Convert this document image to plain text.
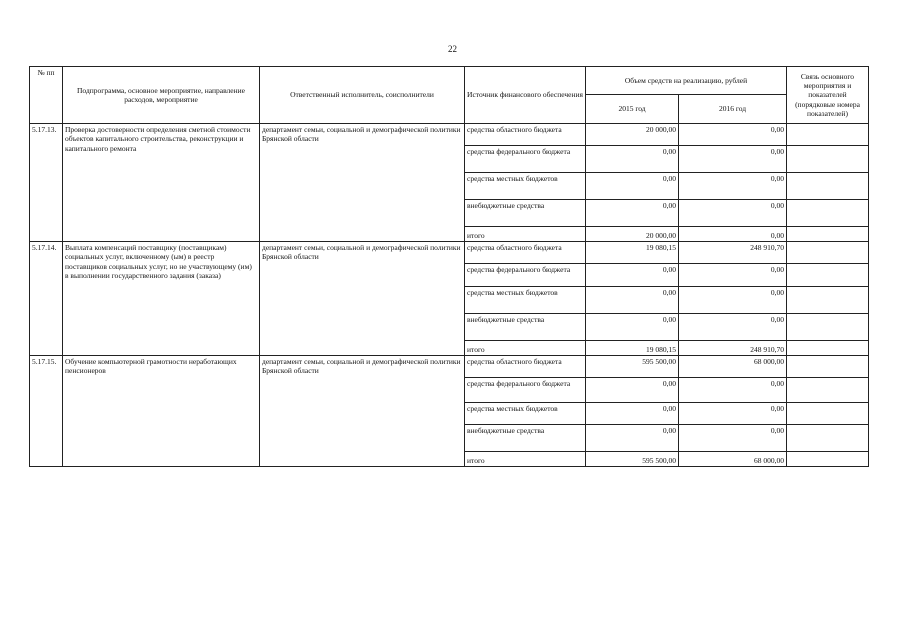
22
№ пп	Подпрограмма, основное мероприятие, направление расходов, мероприятие	Ответственный исполнитель, соисполнители	Источник финансового обеспечения	Объем средств на реализацию, рублей		Связь основного мероприятия и показателей (порядковые номера показателей)
				2015 год	2016 год	
5.17.13.	Проверка достоверности определения сметной стоимости объектов капитального строительства, реконструкции и капитального ремонта	департамент семьи, социальной и демографической политики Брянской области	средства областного бюджета	20 000,00	0,00	
			средства федерального бюджета	0,00	0,00	
			средства местных бюджетов	0,00	0,00	
			внебюджетные средства	0,00	0,00	
			итого	20 000,00	0,00	
5.17.14.	Выплата компенсаций поставщику (поставщикам) социальных услуг, включенному (ым) в реестр поставщиков социальных услуг, но не участвующему (им) в выполнении государственного задания (заказа)	департамент семьи, социальной и демографической политики Брянской области	средства областного бюджета	19 080,15	248 910,70	
			средства федерального бюджета	0,00	0,00	
			средства местных бюджетов	0,00	0,00	
			внебюджетные средства	0,00	0,00	
			итого	19 080,15	248 910,70	
5.17.15.	Обучение компьютерной грамотности неработающих пенсионеров	департамент семьи, социальной и демографической политики Брянской области	средства областного бюджета	595 500,00	68 000,00	
			средства федерального бюджета	0,00	0,00	
			средства местных бюджетов	0,00	0,00	
			внебюджетные средства	0,00	0,00	
			итого	595 500,00	68 000,00	
